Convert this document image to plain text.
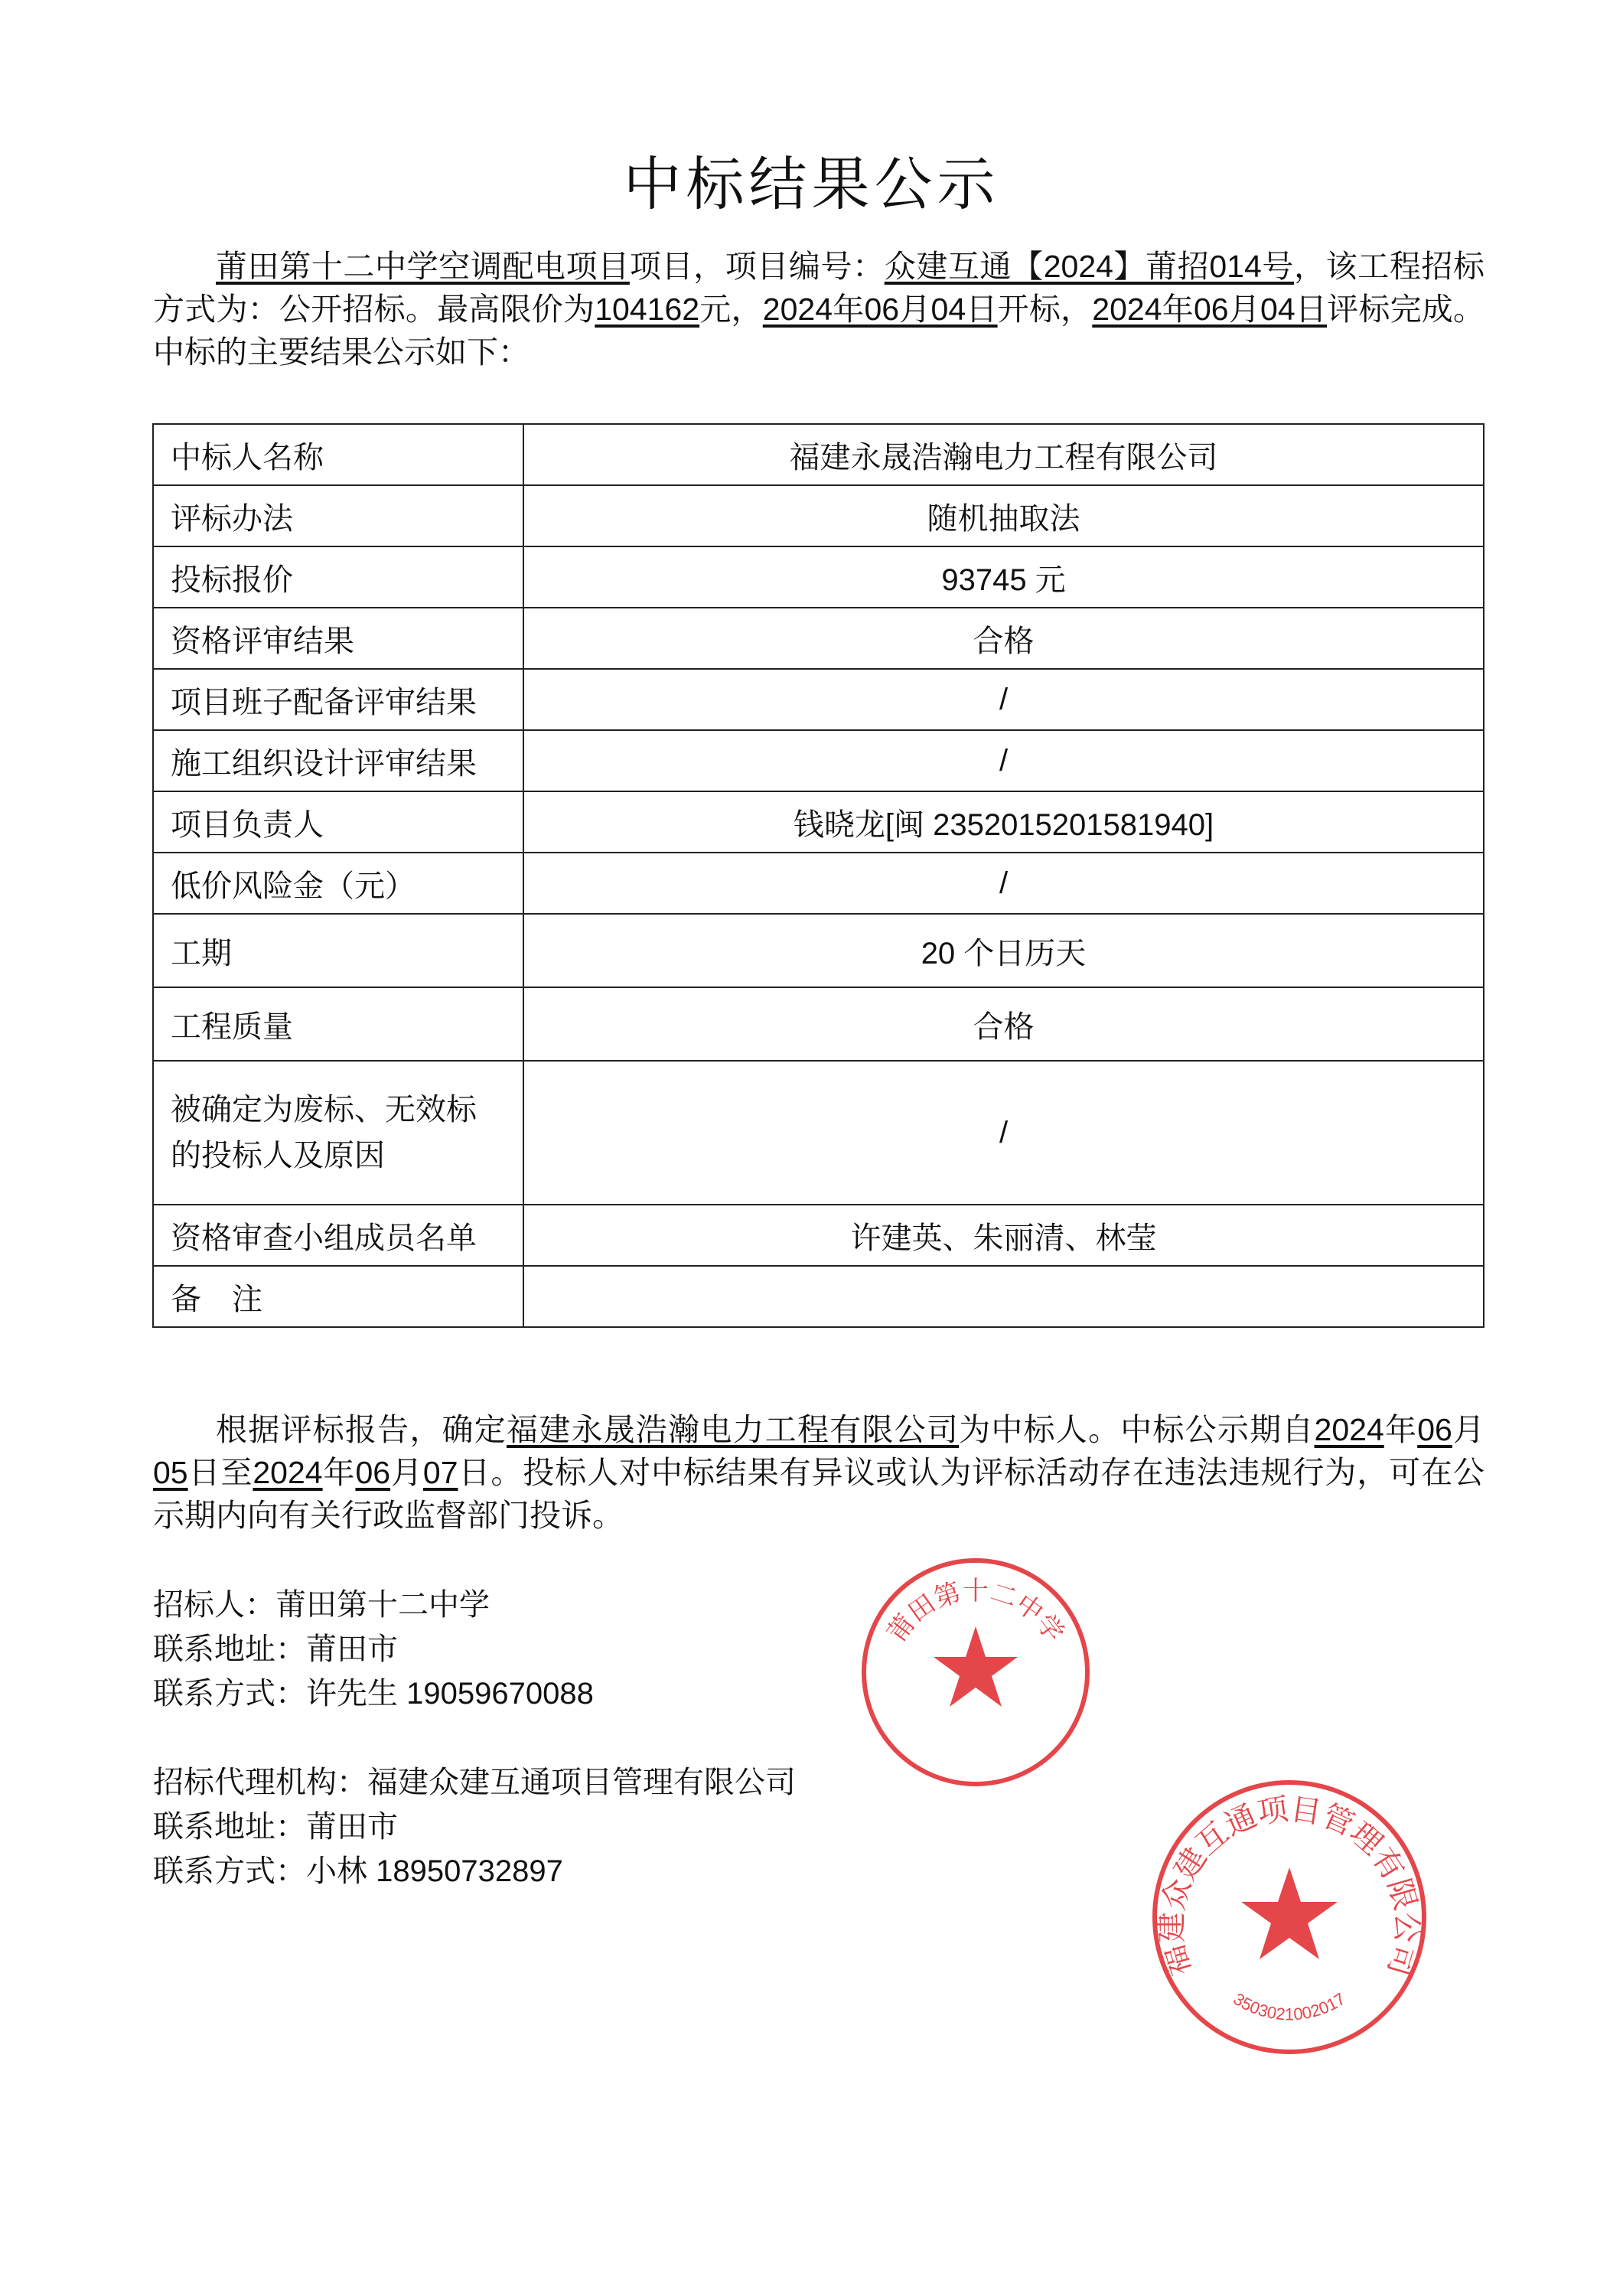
中标结果公示
莆田第十二中学空调配电项目项目，项目编号：众建互通【2024】莆招014号，该工程招标方式为：公开招标。最高限价为104162元，2024年06月04日开标，2024年06月04日评标完成。中标的主要结果公示如下：
中标人名称	福建永晟浩瀚电力工程有限公司
评标办法	随机抽取法
投标报价	93745 元
资格评审结果	合格
项目班子配备评审结果	/
施工组织设计评审结果	/
项目负责人	钱晓龙[闽 2352015201581940]
低价风险金（元）	/
工期	20 个日历天
工程质量	合格
被确定为废标、无效标的投标人及原因	/
资格审查小组成员名单	许建英、朱丽清、林莹
备　注	
根据评标报告，确定福建永晟浩瀚电力工程有限公司为中标人。中标公示期自2024年06月05日至2024年06月07日。投标人对中标结果有异议或认为评标活动存在违法违规行为，可在公示期内向有关行政监督部门投诉。
招标人：莆田第十二中学
联系地址：莆田市
联系方式：许先生 19059670088
招标代理机构：福建众建互通项目管理有限公司
联系地址：莆田市
联系方式：小林 18950732897
莆田第十二中学
福建众建互通项目管理有限公司
3503021002017
